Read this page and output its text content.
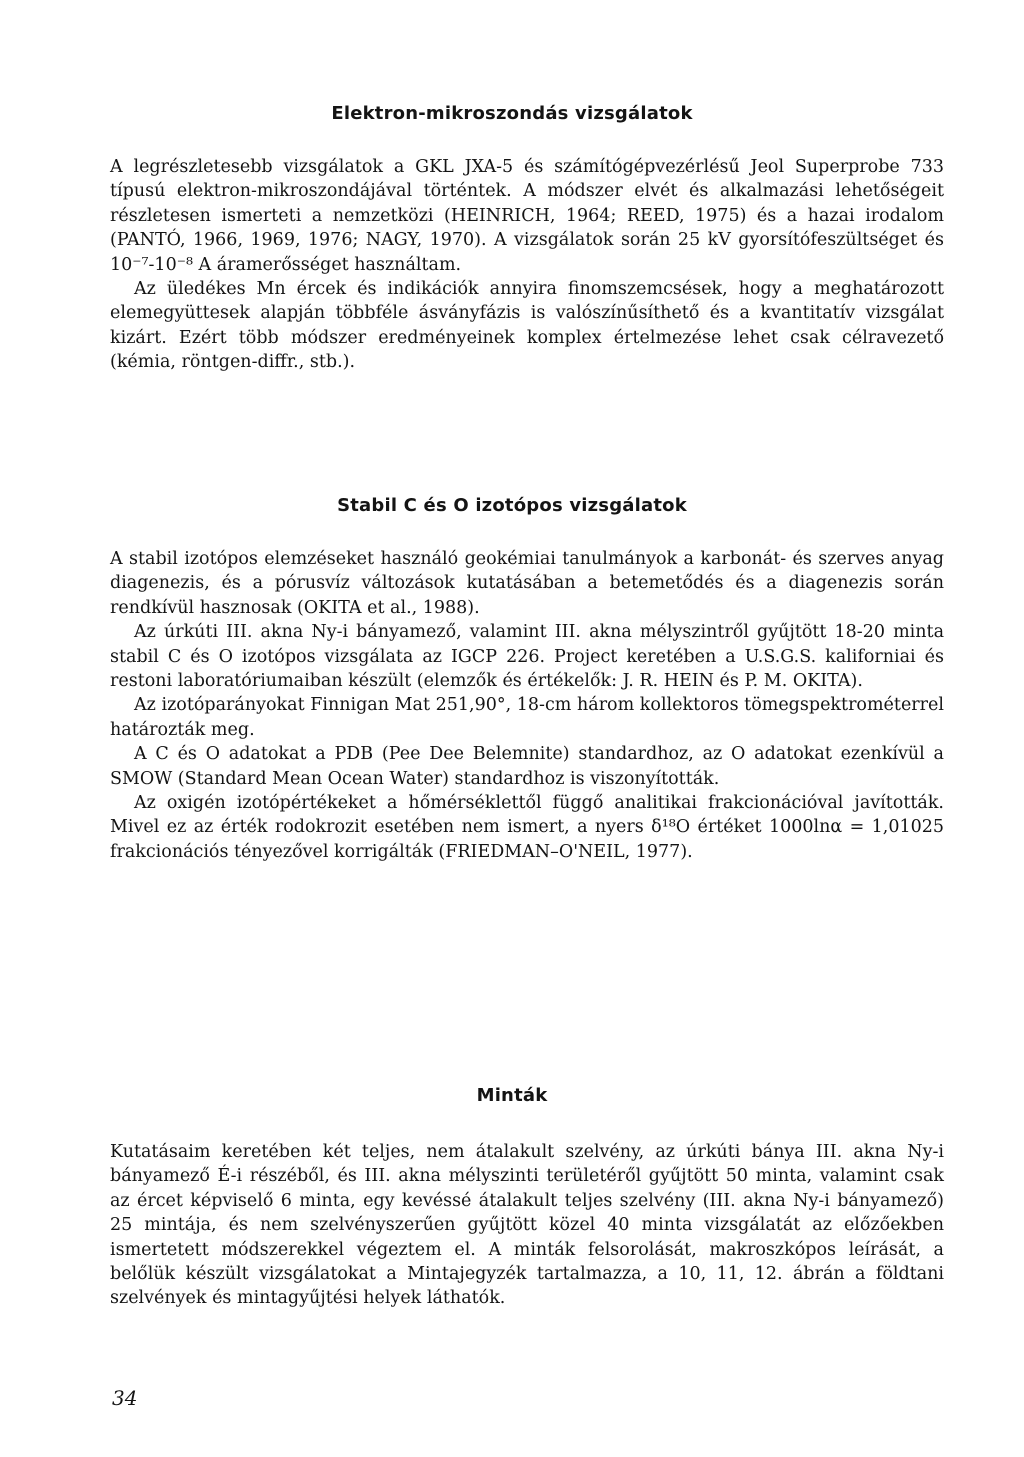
Elektron-mikroszondás vizsgálatok

A legrészletesebb vizsgálatok a GKL JXA-5 és számítógépvezérlésű Jeol Superprobe 733 típusú elektron-mikroszondájával történtek. A módszer elvét és alkalmazási lehetőségeit részletesen ismerteti a nemzetközi (HEINRICH, 1964; REED, 1975) és a hazai irodalom (PANTÓ, 1966, 1969, 1976; NAGY, 1970). A vizsgálatok során 25 kV gyorsítófeszültséget és 10⁻⁷-10⁻⁸ A áramerősséget használtam.

Az üledékes Mn ércek és indikációk annyira finomszemcsések, hogy a meghatározott elemegyüttesek alapján többféle ásványfázis is valószínűsíthető és a kvantitatív vizsgálat kizárt. Ezért több módszer eredményeinek komplex értelmezése lehet csak célravezető (kémia, röntgen-diffr., stb.).

Stabil C és O izotópos vizsgálatok

A stabil izotópos elemzéseket használó geokémiai tanulmányok a karbonát- és szerves anyag diagenezis, és a pórusvíz változások kutatásában a betemetődés és a diagenezis során rendkívül hasznosak (OKITA et al., 1988).

Az úrkúti III. akna Ny-i bányamező, valamint III. akna mélyszintről gyűjtött 18-20 minta stabil C és O izotópos vizsgálata az IGCP 226. Project keretében a U.S.G.S. kaliforniai és restoni laboratóriumaiban készült (elemzők és értékelők: J. R. HEIN és P. M. OKITA).

Az izotóparányokat Finnigan Mat 251,90°, 18-cm három kollektoros tömegspektrométerrel határozták meg.

A C és O adatokat a PDB (Pee Dee Belemnite) standardhoz, az O adatokat ezenkívül a SMOW (Standard Mean Ocean Water) standardhoz is viszonyították.

Az oxigén izotópértékeket a hőmérséklettől függő analitikai frakcionációval javították. Mivel ez az érték rodokrozit esetében nem ismert, a nyers δ¹⁸O értéket 1000lnα = 1,01025 frakcionációs tényezővel korrigálták (FRIEDMAN–O'NEIL, 1977).

Minták

Kutatásaim keretében két teljes, nem átalakult szelvény, az úrkúti bánya III. akna Ny-i bányamező É-i részéből, és III. akna mélyszinti területéről gyűjtött 50 minta, valamint csak az ércet képviselő 6 minta, egy kevéssé átalakult teljes szelvény (III. akna Ny-i bányamező) 25 mintája, és nem szelvényszerűen gyűjtött közel 40 minta vizsgálatát az előzőekben ismertetett módszerekkel végeztem el. A minták felsorolását, makroszkópos leírását, a belőlük készült vizsgálatokat a Mintajegyzék tartalmazza, a 10, 11, 12. ábrán a földtani szelvények és mintagyűjtési helyek láthatók.

34
